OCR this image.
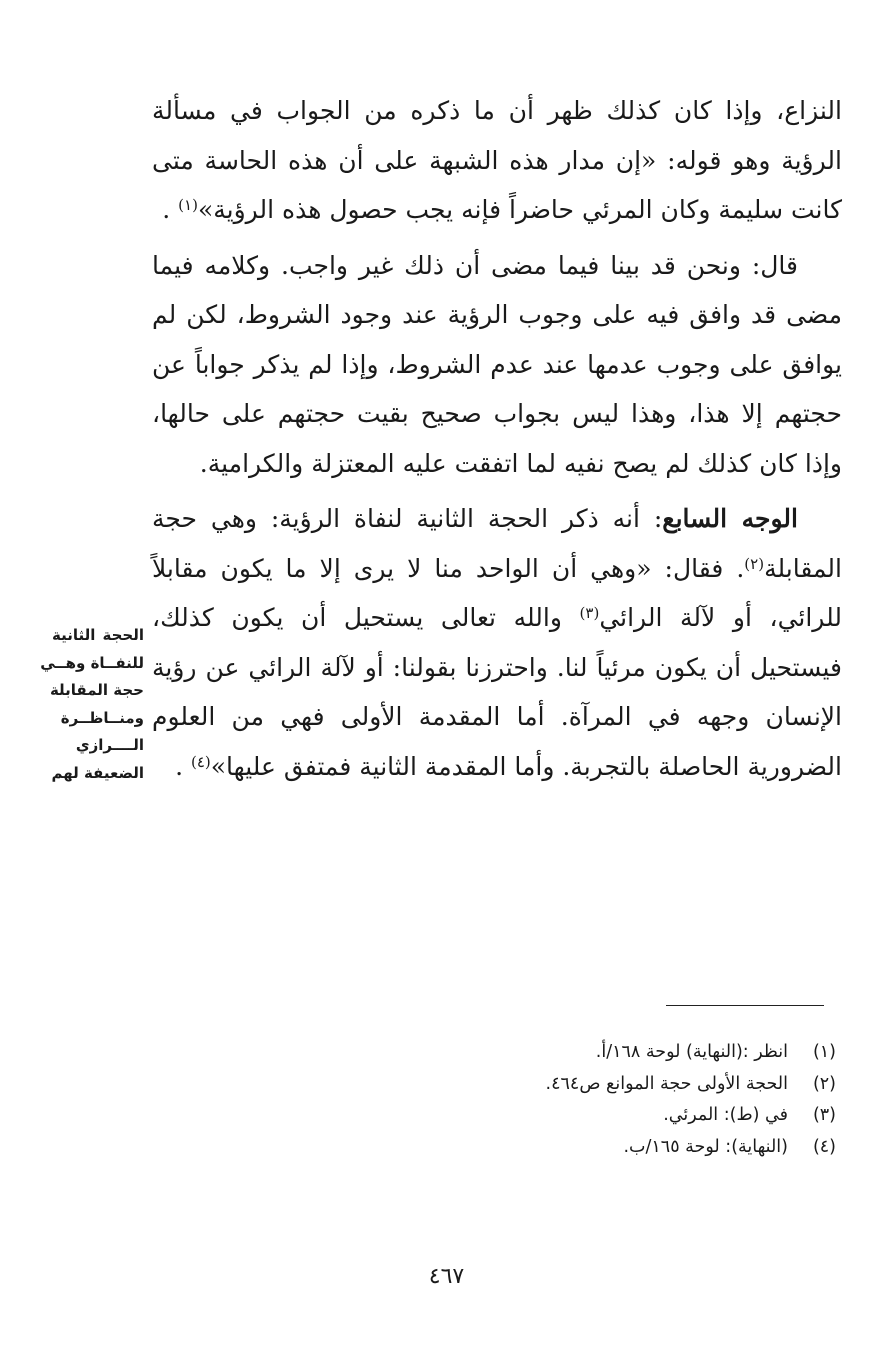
النزاع، وإذا كان كذلك ظهر أن ما ذكره من الجواب في مسألة الرؤية وهو قوله: «إن مدار هذه الشبهة على أن هذه الحاسة متى كانت سليمة وكان المرئي حاضراً فإنه يجب حصول هذه الرؤية»$^{(١)}$ .

قال: ونحن قد بينا فيما مضى أن ذلك غير واجب. وكلامه فيما مضى قد وافق فيه على وجوب الرؤية عند وجود الشروط، لكن لم يوافق على وجوب عدمها عند عدم الشروط، وإذا لم يذكر جواباً عن حجتهم إلا هذا، وهذا ليس بجواب صحيح بقيت حجتهم على حالها، وإذا كان كذلك لم يصح نفيه لما اتفقت عليه المعتزلة والكرامية.

الوجه السابع: أنه ذكر الحجة الثانية لنفاة الرؤية: وهي حجة المقابلة$^{(٢)}$. فقال: «وهي أن الواحد منا لا يرى إلا ما يكون مقابلاً للرائي، أو لآلة الرائي$^{(٣)}$ والله تعالى يستحيل أن يكون كذلك، فيستحيل أن يكون مرئياً لنا. واحترزنا بقولنا: أو لآلة الرائي عن رؤية الإنسان وجهه في المرآة. أما المقدمة الأولى فهي من العلوم الضرورية الحاصلة بالتجربة. وأما المقدمة الثانية فمتفق عليها»$^{(٤)}$ .

الحجة الثانية
للنفــاة وهــي
حجة المقابلة
ومنــاظــرة
الــــرازي
الضعيفة لهم
(١)
انظر :(النهاية) لوحة ١٦٨/أ.
(٢)
الحجة الأولى حجة الموانع ص٤٦٤.
(٣)
في (ط): المرئي.
(٤)
(النهاية): لوحة ١٦٥/ب.
٤٦٧
